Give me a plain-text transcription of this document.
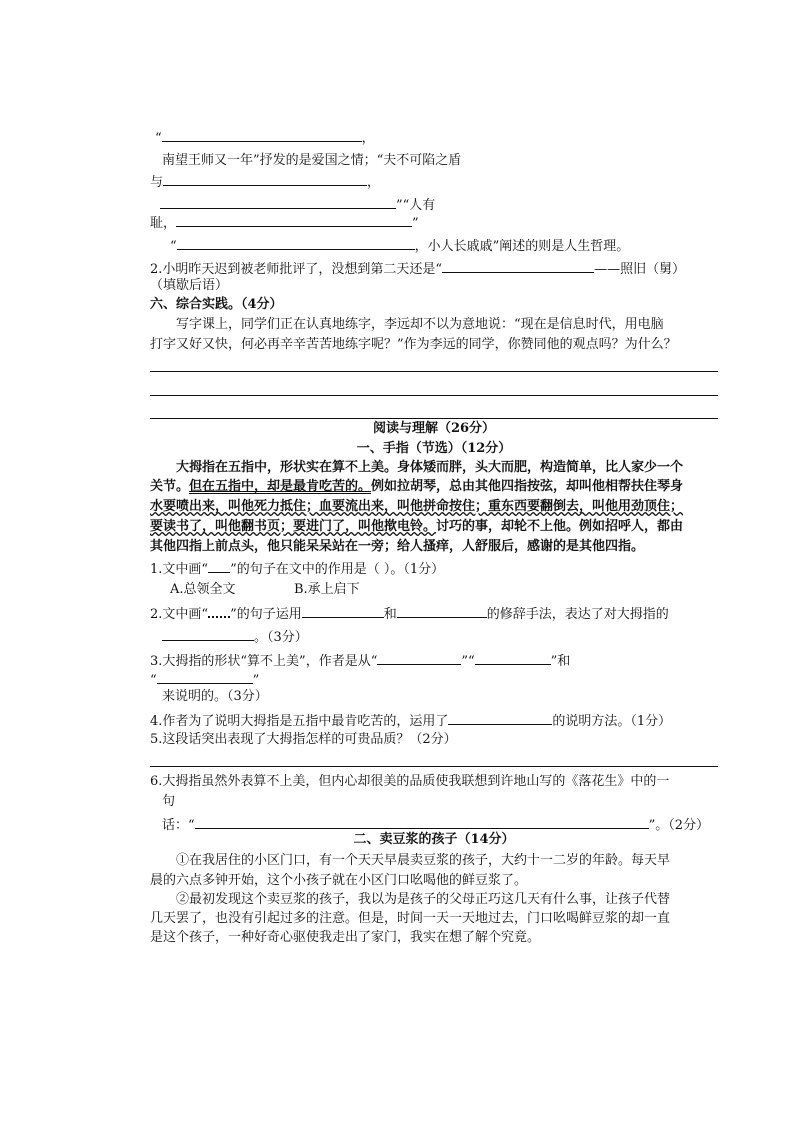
“	，
南望王师又一年”抒发的是爱国之情；“夫不可陷之盾
与	，
”“人有
耻，	”
“	，小人长戚戚”阐述的则是人生哲理。
2.小明昨天迟到被老师批评了，没想到第二天还是“	——照旧（舅）
（填歇后语）
六、综合实践。（4分）
写字课上，同学们正在认真地练字，李远却不以为意地说：“现在是信息时代，用电脑
打字又好又快，何必再辛辛苦苦地练字呢？”作为李远的同学，你赞同他的观点吗？为什么？
阅读与理解（26分）
一、手指（节选）（12分）
大拇指在五指中，形状实在算不上美。身体矮而胖，头大而肥，构造简单，比人家少一个
关节。但在五指中，却是最肯吃苦的。例如拉胡琴，总由其他四指按弦，却叫他相帮扶住琴身
水要喷出来，叫他死力抵住；血要流出来，叫他拼命按住；重东西要翻倒去，叫他用劲顶住；
要读书了，叫他翻书页；要进门了，叫他揿电铃。讨巧的事，却轮不上他。例如招呼人，都由
其他四指上前点头，他只能呆呆站在一旁；给人搔痒，人舒服后，感谢的是其他四指。
1.文中画“ ”的句子在文中的作用是（ ）。（1分）
A.总领全文	B.承上启下
2.文中画“ ”的句子运用	和	的修辞手法，表达了对大拇指的
。（3分）
3.大拇指的形状“算不上美”，作者是从“	”“	”和
“	”
来说明的。（3分）
4.作者为了说明大拇指是五指中最肯吃苦的，运用了	的说明方法。（1分）
5.这段话突出表现了大拇指怎样的可贵品质？（2分）
6.大拇指虽然外表算不上美，但内心却很美的品质使我联想到许地山写的《落花生》中的一
句
话：“	”。（2分）
二、卖豆浆的孩子（14分）
①在我居住的小区门口，有一个天天早晨卖豆浆的孩子，大约十一二岁的年龄。每天早
晨的六点多钟开始，这个小孩子就在小区门口吆喝他的鲜豆浆了。
②最初发现这个卖豆浆的孩子，我以为是孩子的父母正巧这几天有什么事，让孩子代替
几天罢了，也没有引起过多的注意。但是，时间一天一天地过去，门口吆喝鲜豆浆的却一直
是这个孩子，一种好奇心驱使我走出了家门，我实在想了解个究竟。
